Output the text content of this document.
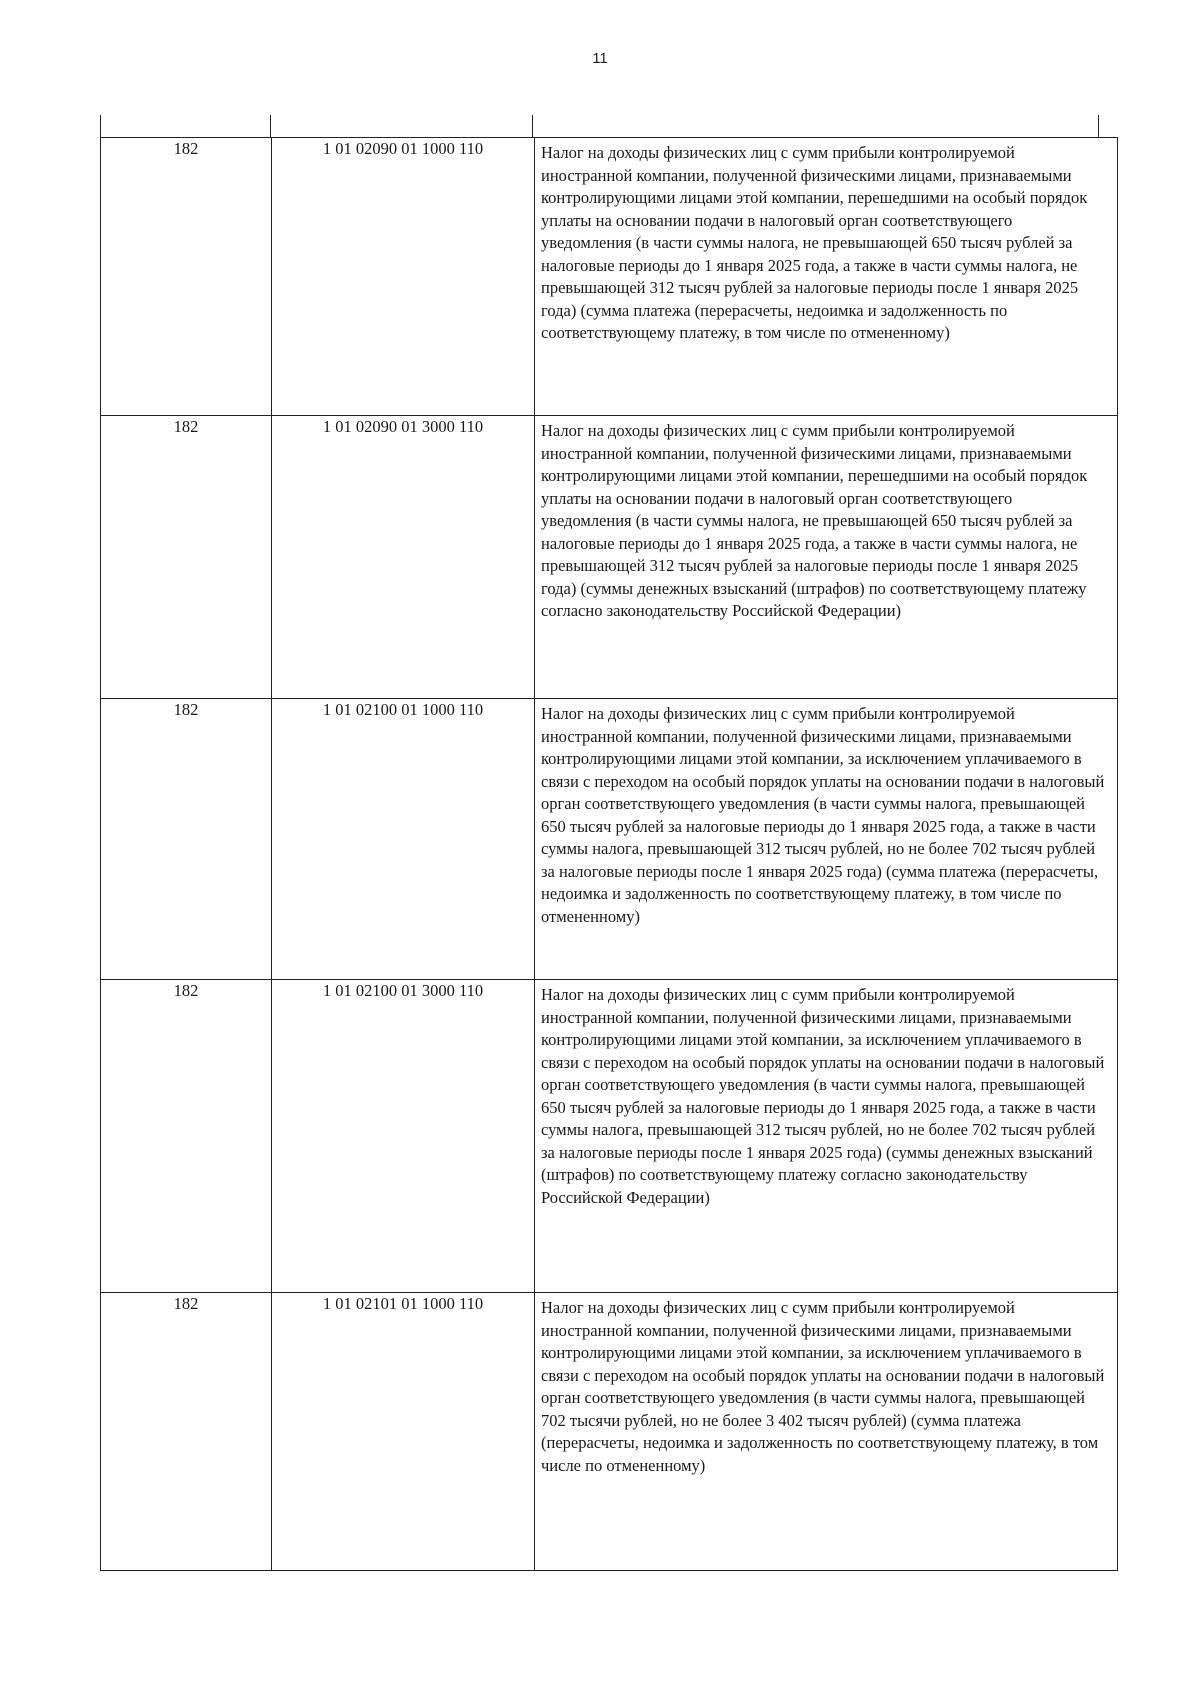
11
182	1 01 02090 01 1000 110	Налог на доходы физических лиц с сумм прибыли контролируемой иностранной компании, полученной физическими лицами, признаваемыми контролирующими лицами этой компании, перешедшими на особый порядок уплаты на основании подачи в налоговый орган соответствующего уведомления (в части суммы налога, не превышающей 650 тысяч рублей за налоговые периоды до 1 января 2025 года, а также в части суммы налога, не превышающей 312 тысяч рублей за налоговые периоды после 1 января 2025 года) (сумма платежа (перерасчеты, недоимка и задолженность по соответствующему платежу, в том числе по отмененному)
182	1 01 02090 01 3000 110	Налог на доходы физических лиц с сумм прибыли контролируемой иностранной компании, полученной физическими лицами, признаваемыми контролирующими лицами этой компании, перешедшими на особый порядок уплаты на основании подачи в налоговый орган соответствующего уведомления (в части суммы налога, не превышающей 650 тысяч рублей за налоговые периоды до 1 января 2025 года, а также в части суммы налога, не превышающей 312 тысяч рублей за налоговые периоды после 1 января 2025 года) (суммы денежных взысканий (штрафов) по соответствующему платежу согласно законодательству Российской Федерации)
182	1 01 02100 01 1000 110	Налог на доходы физических лиц с сумм прибыли контролируемой иностранной компании, полученной физическими лицами, признаваемыми контролирующими лицами этой компании, за исключением уплачиваемого в связи с переходом на особый порядок уплаты на основании подачи в налоговый орган соответствующего уведомления (в части суммы налога, превышающей 650 тысяч рублей за налоговые периоды до 1 января 2025 года, а также в части суммы налога, превышающей 312 тысяч рублей, но не более 702 тысяч рублей за налоговые периоды после 1 января 2025 года) (сумма платежа (перерасчеты, недоимка и задолженность по соответствующему платежу, в том числе по отмененному)
182	1 01 02100 01 3000 110	Налог на доходы физических лиц с сумм прибыли контролируемой иностранной компании, полученной физическими лицами, признаваемыми контролирующими лицами этой компании, за исключением уплачиваемого в связи с переходом на особый порядок уплаты на основании подачи в налоговый орган соответствующего уведомления (в части суммы налога, превышающей 650 тысяч рублей за налоговые периоды до 1 января 2025 года, а также в части суммы налога, превышающей 312 тысяч рублей, но не более 702 тысяч рублей за налоговые периоды после 1 января 2025 года) (суммы денежных взысканий (штрафов) по соответствующему платежу согласно законодательству Российской Федерации)
182	1 01 02101 01 1000 110	Налог на доходы физических лиц с сумм прибыли контролируемой иностранной компании, полученной физическими лицами, признаваемыми контролирующими лицами этой компании, за исключением уплачиваемого в связи с переходом на особый порядок уплаты на основании подачи в налоговый орган соответствующего уведомления (в части суммы налога, превышающей 702 тысячи рублей, но не более 3 402 тысяч рублей) (сумма платежа (перерасчеты, недоимка и задолженность по соответствующему платежу, в том числе по отмененному)
